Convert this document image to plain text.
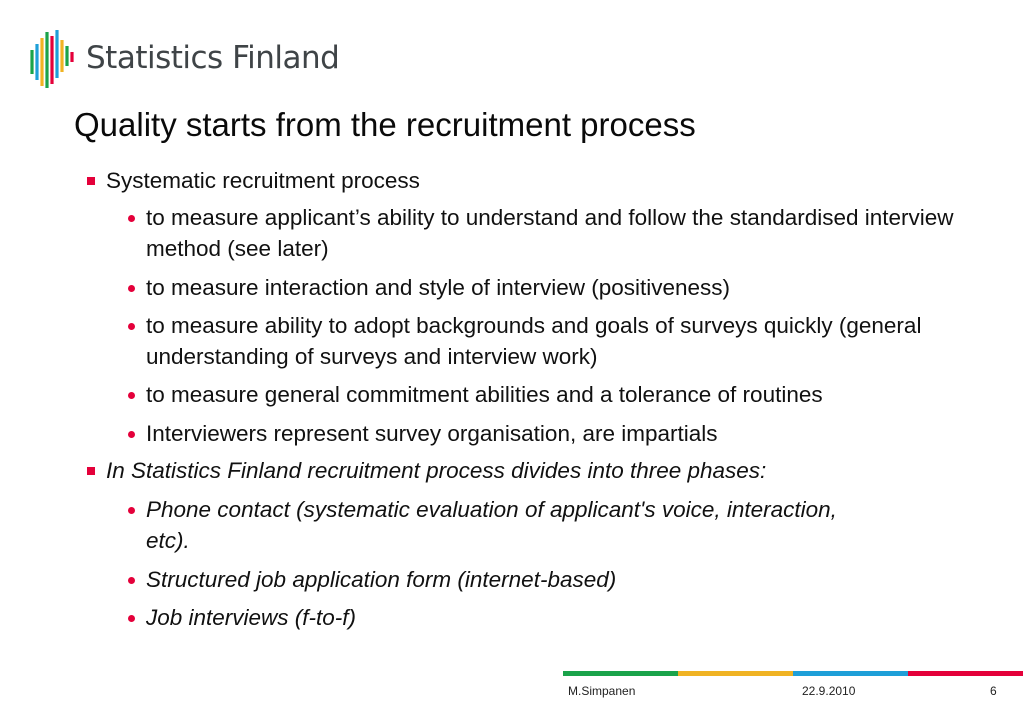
Statistics Finland
Quality starts from the recruitment process
Systematic recruitment process
to measure applicant’s ability to understand and follow the standardised interview method (see later)
to measure interaction and style of interview (positiveness)
to measure ability to adopt backgrounds and goals of surveys quickly (general understanding of surveys and interview work)
to measure general commitment abilities and a tolerance of routines
Interviewers represent survey organisation, are impartials
In Statistics Finland recruitment process divides into three phases:
Phone contact (systematic evaluation of applicant's voice, interaction, etc).
Structured job application form (internet-based)
Job interviews (f-to-f)
M.Simpanen	22.9.2010	6
